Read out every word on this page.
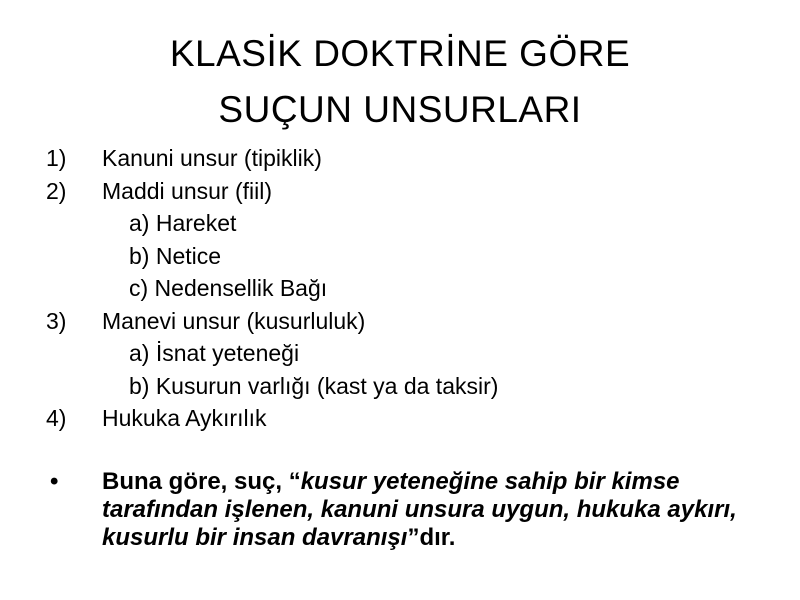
KLASİK DOKTRİNE GÖRE
SUÇUN UNSURLARI
1) Kanuni unsur (tipiklik)
2) Maddi unsur (fiil)
a) Hareket
b) Netice
c) Nedensellik Bağı
3) Manevi unsur (kusurluluk)
a) İsnat yeteneği
b) Kusurun varlığı (kast ya da taksir)
4) Hukuka Aykırılık
• Buna göre, suç, “kusur yeteneğine sahip bir kimse tarafından işlenen, kanuni unsura uygun, hukuka aykırı, kusurlu bir insan davranışı”dır.
